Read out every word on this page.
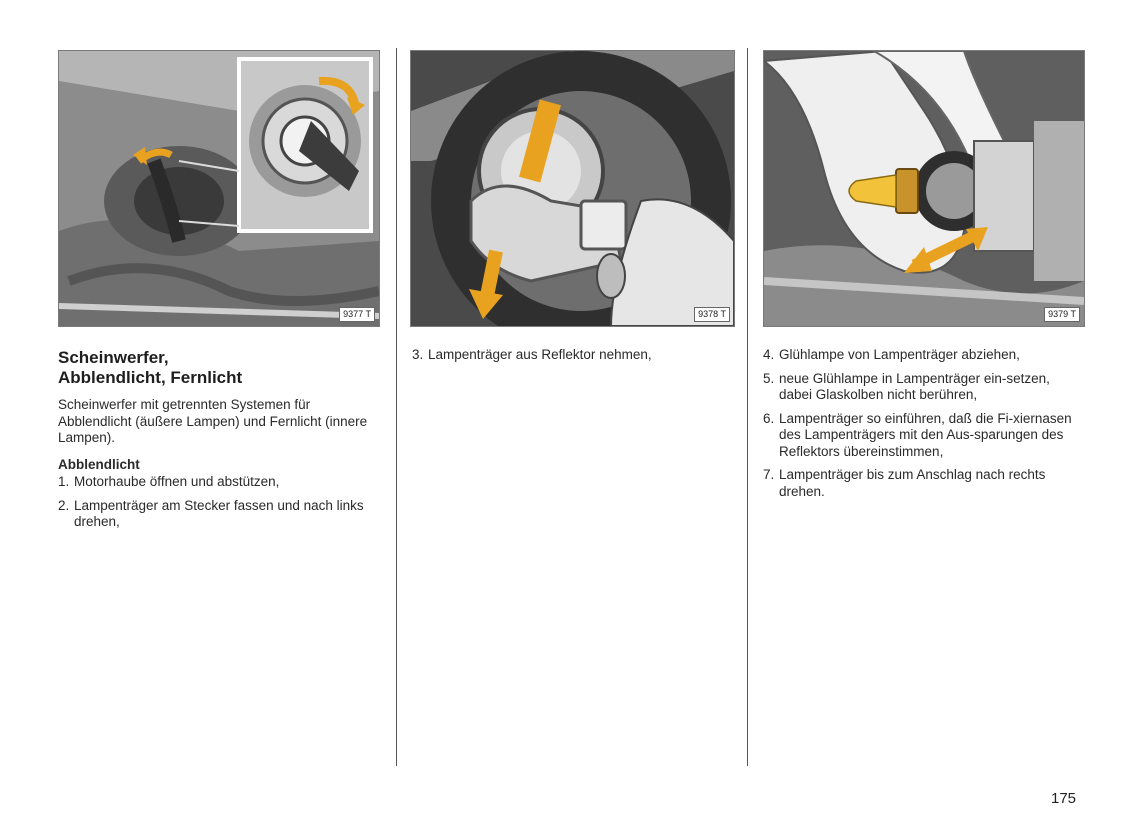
9377 T	9378 T	9379 T
Scheinwerfer,
Abblendlicht, Fernlicht

Scheinwerfer mit getrennten Systemen für Abblendlicht (äußere Lampen) und Fernlicht (innere Lampen).

Abblendlicht

1. Motorhaube öffnen und abstützen,

2. Lampenträger am Stecker fassen und nach links drehen,

3. Lampenträger aus Reflektor nehmen,	4. Glühlampe von Lampenträger abziehen,

5. neue Glühlampe in Lampenträger ein-setzen, dabei Glaskolben nicht berühren,

6. Lampenträger so einführen, daß die Fi-xiernasen des Lampenträgers mit den Aus-sparungen des Reflektors übereinstimmen,

7. Lampenträger bis zum Anschlag nach rechts drehen.

175
